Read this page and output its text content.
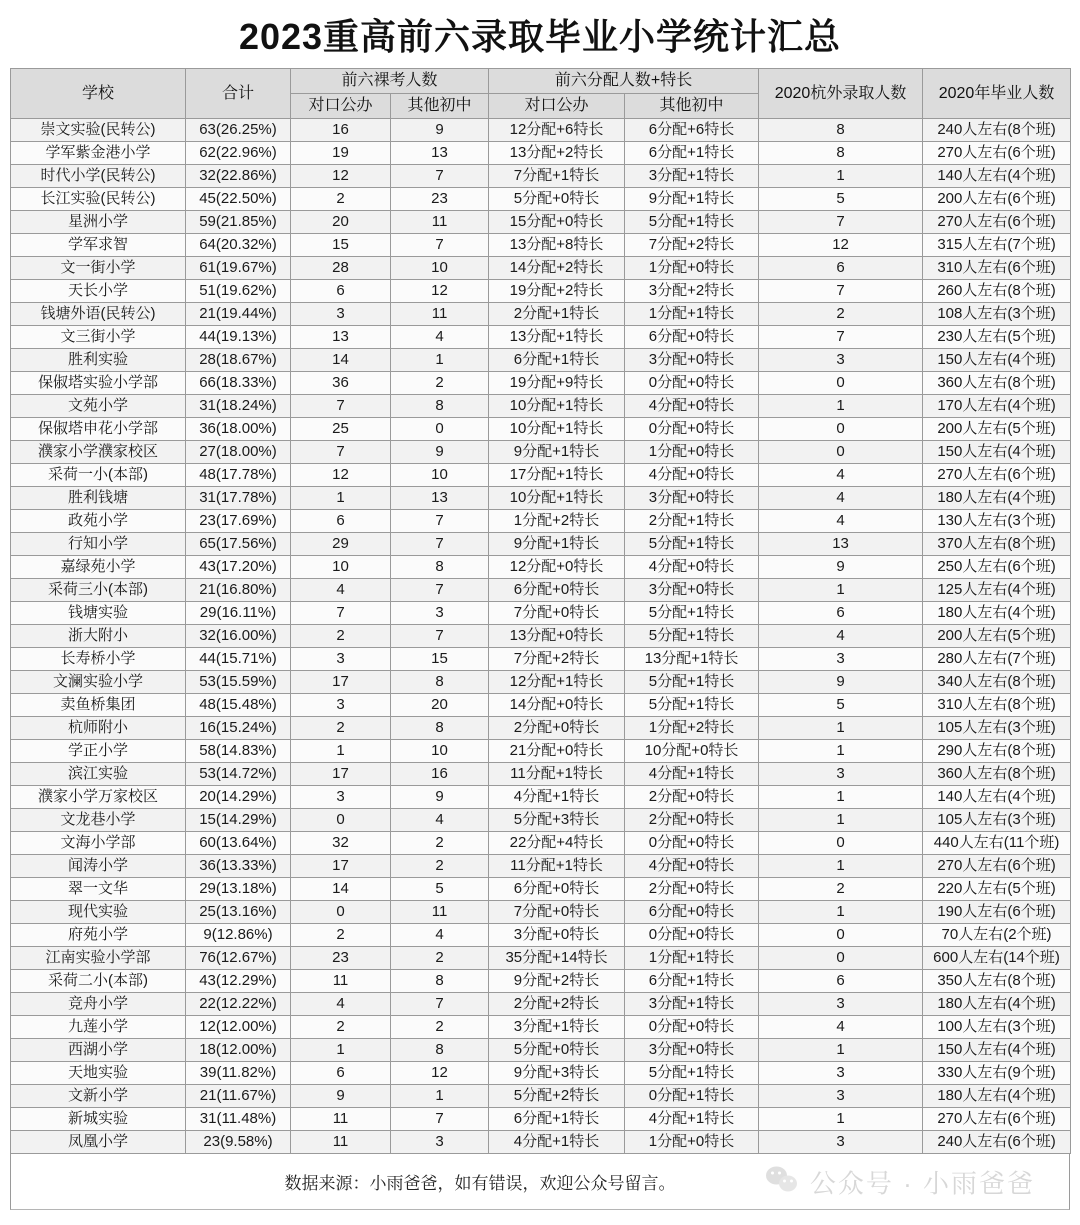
2023重高前六录取毕业小学统计汇总
学校	合计	前六裸考人数		前六分配人数+特长		2020杭外录取人数	2020年毕业人数
		对口公办	其他初中	对口公办	其他初中		
崇文实验(民转公)	63(26.25%)	16	9	12分配+6特长	6分配+6特长	8	240人左右(8个班)
学军紫金港小学	62(22.96%)	19	13	13分配+2特长	6分配+1特长	8	270人左右(6个班)
时代小学(民转公)	32(22.86%)	12	7	7分配+1特长	3分配+1特长	1	140人左右(4个班)
长江实验(民转公)	45(22.50%)	2	23	5分配+0特长	9分配+1特长	5	200人左右(6个班)
星洲小学	59(21.85%)	20	11	15分配+0特长	5分配+1特长	7	270人左右(6个班)
学军求智	64(20.32%)	15	7	13分配+8特长	7分配+2特长	12	315人左右(7个班)
文一街小学	61(19.67%)	28	10	14分配+2特长	1分配+0特长	6	310人左右(6个班)
天长小学	51(19.62%)	6	12	19分配+2特长	3分配+2特长	7	260人左右(8个班)
钱塘外语(民转公)	21(19.44%)	3	11	2分配+1特长	1分配+1特长	2	108人左右(3个班)
文三街小学	44(19.13%)	13	4	13分配+1特长	6分配+0特长	7	230人左右(5个班)
胜利实验	28(18.67%)	14	1	6分配+1特长	3分配+0特长	3	150人左右(4个班)
保俶塔实验小学部	66(18.33%)	36	2	19分配+9特长	0分配+0特长	0	360人左右(8个班)
文苑小学	31(18.24%)	7	8	10分配+1特长	4分配+0特长	1	170人左右(4个班)
保俶塔申花小学部	36(18.00%)	25	0	10分配+1特长	0分配+0特长	0	200人左右(5个班)
濮家小学濮家校区	27(18.00%)	7	9	9分配+1特长	1分配+0特长	0	150人左右(4个班)
采荷一小(本部)	48(17.78%)	12	10	17分配+1特长	4分配+0特长	4	270人左右(6个班)
胜利钱塘	31(17.78%)	1	13	10分配+1特长	3分配+0特长	4	180人左右(4个班)
政苑小学	23(17.69%)	6	7	1分配+2特长	2分配+1特长	4	130人左右(3个班)
行知小学	65(17.56%)	29	7	9分配+1特长	5分配+1特长	13	370人左右(8个班)
嘉绿苑小学	43(17.20%)	10	8	12分配+0特长	4分配+0特长	9	250人左右(6个班)
采荷三小(本部)	21(16.80%)	4	7	6分配+0特长	3分配+0特长	1	125人左右(4个班)
钱塘实验	29(16.11%)	7	3	7分配+0特长	5分配+1特长	6	180人左右(4个班)
浙大附小	32(16.00%)	2	7	13分配+0特长	5分配+1特长	4	200人左右(5个班)
长寿桥小学	44(15.71%)	3	15	7分配+2特长	13分配+1特长	3	280人左右(7个班)
文澜实验小学	53(15.59%)	17	8	12分配+1特长	5分配+1特长	9	340人左右(8个班)
卖鱼桥集团	48(15.48%)	3	20	14分配+0特长	5分配+1特长	5	310人左右(8个班)
杭师附小	16(15.24%)	2	8	2分配+0特长	1分配+2特长	1	105人左右(3个班)
学正小学	58(14.83%)	1	10	21分配+0特长	10分配+0特长	1	290人左右(8个班)
滨江实验	53(14.72%)	17	16	11分配+1特长	4分配+1特长	3	360人左右(8个班)
濮家小学万家校区	20(14.29%)	3	9	4分配+1特长	2分配+0特长	1	140人左右(4个班)
文龙巷小学	15(14.29%)	0	4	5分配+3特长	2分配+0特长	1	105人左右(3个班)
文海小学部	60(13.64%)	32	2	22分配+4特长	0分配+0特长	0	440人左右(11个班)
闻涛小学	36(13.33%)	17	2	11分配+1特长	4分配+0特长	1	270人左右(6个班)
翠一文华	29(13.18%)	14	5	6分配+0特长	2分配+0特长	2	220人左右(5个班)
现代实验	25(13.16%)	0	11	7分配+0特长	6分配+0特长	1	190人左右(6个班)
府苑小学	9(12.86%)	2	4	3分配+0特长	0分配+0特长	0	70人左右(2个班)
江南实验小学部	76(12.67%)	23	2	35分配+14特长	1分配+1特长	0	600人左右(14个班)
采荷二小(本部)	43(12.29%)	11	8	9分配+2特长	6分配+1特长	6	350人左右(8个班)
竞舟小学	22(12.22%)	4	7	2分配+2特长	3分配+1特长	3	180人左右(4个班)
九莲小学	12(12.00%)	2	2	3分配+1特长	0分配+0特长	4	100人左右(3个班)
西湖小学	18(12.00%)	1	8	5分配+0特长	3分配+0特长	1	150人左右(4个班)
天地实验	39(11.82%)	6	12	9分配+3特长	5分配+1特长	3	330人左右(9个班)
文新小学	21(11.67%)	9	1	5分配+2特长	0分配+1特长	3	180人左右(4个班)
新城实验	31(11.48%)	11	7	6分配+1特长	4分配+1特长	1	270人左右(6个班)
凤凰小学	23(9.58%)	11	3	4分配+1特长	1分配+0特长	3	240人左右(6个班)
数据来源：小雨爸爸，如有错误，欢迎公众号留言。	公众号 · 小雨爸爸
